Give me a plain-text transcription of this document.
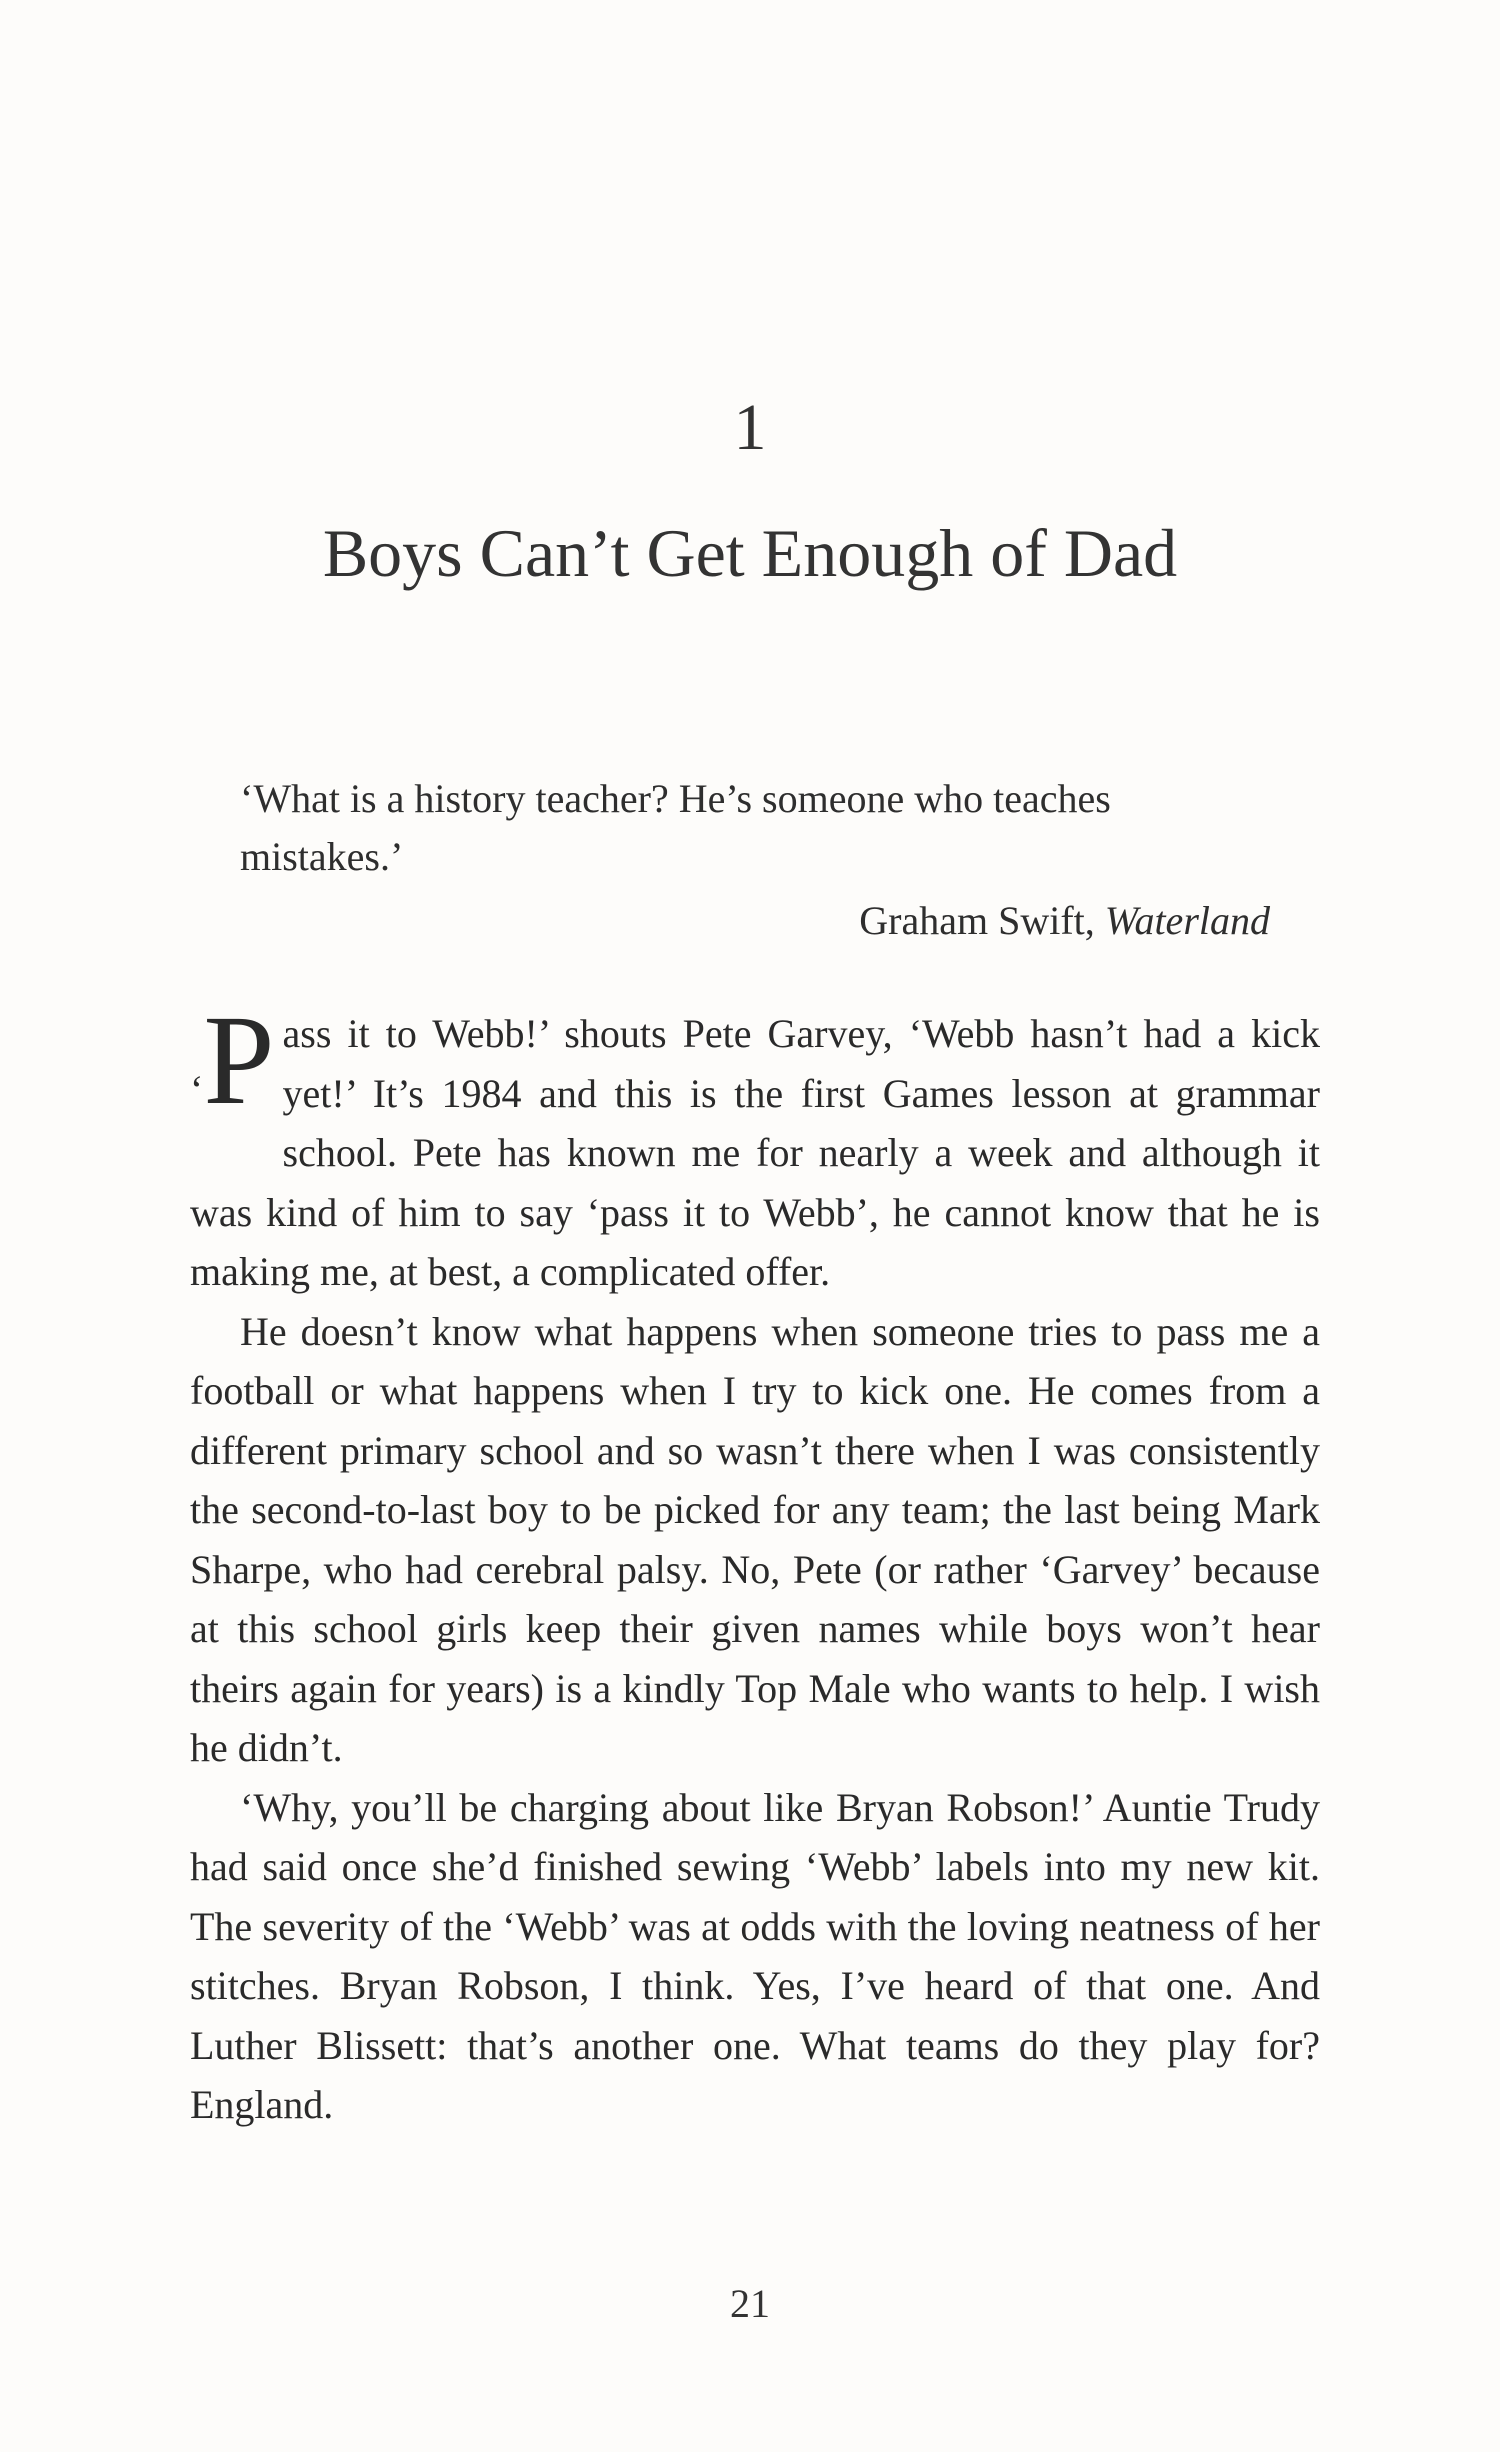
1
Boys Can’t Get Enough of Dad

‘What is a history teacher? He’s someone who teaches mistakes.’

Graham Swift, Waterland

‘P ass it to Webb!’ shouts Pete Garvey, ‘Webb hasn’t had a kick yet!’ It’s 1984 and this is the first Games lesson at grammar school. Pete has known me for nearly a week and although it was kind of him to say ‘pass it to Webb’, he cannot know that he is making me, at best, a complicated offer.

He doesn’t know what happens when someone tries to pass me a football or what happens when I try to kick one. He comes from a different primary school and so wasn’t there when I was consistently the second-to-last boy to be picked for any team; the last being Mark Sharpe, who had cerebral palsy. No, Pete (or rather ‘Garvey’ because at this school girls keep their given names while boys won’t hear theirs again for years) is a kindly Top Male who wants to help. I wish he didn’t.

‘Why, you’ll be charging about like Bryan Robson!’ Auntie Trudy had said once she’d finished sewing ‘Webb’ labels into my new kit. The severity of the ‘Webb’ was at odds with the loving neatness of her stitches. Bryan Robson, I think. Yes, I’ve heard of that one. And Luther Blissett: that’s another one. What teams do they play for? England.

21
